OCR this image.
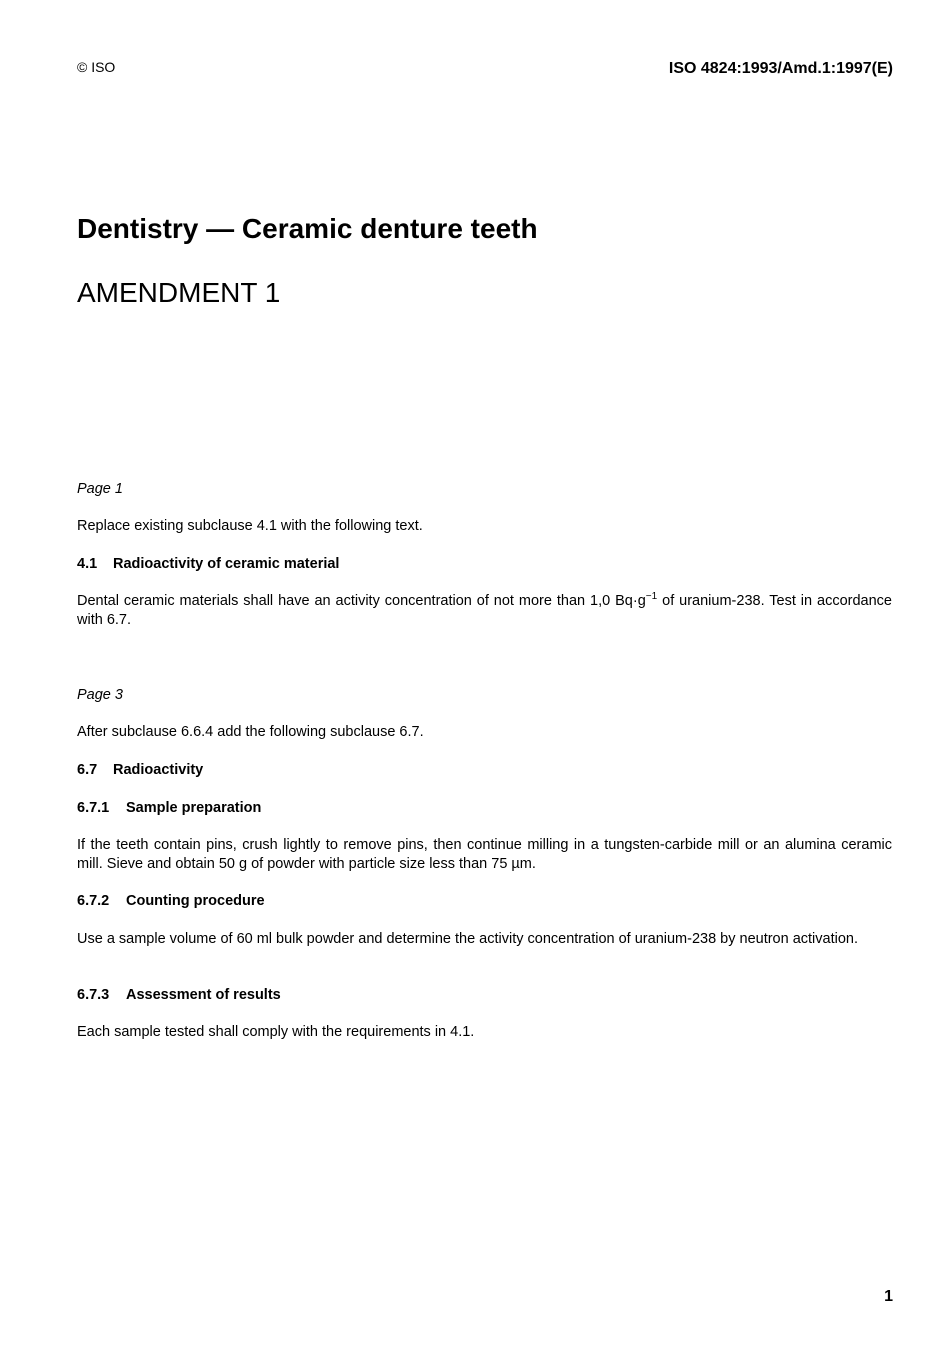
© ISO	ISO 4824:1993/Amd.1:1997(E)
Dentistry — Ceramic denture teeth
AMENDMENT 1

Page 1

Replace existing subclause 4.1 with the following text.

4.1 Radioactivity of ceramic material

Dental ceramic materials shall have an activity concentration of not more than 1,0 $Bq\cdot g^{-1}$ of uranium-238. Test in accordance with 6.7.

Page 3

After subclause 6.6.4 add the following subclause 6.7.

6.7 Radioactivity

6.7.1 Sample preparation

If the teeth contain pins, crush lightly to remove pins, then continue milling in a tungsten-carbide mill or an alumina ceramic mill. Sieve and obtain 50 g of powder with particle size less than 75 µm.

6.7.2 Counting procedure

Use a sample volume of 60 ml bulk powder and determine the activity concentration of uranium-238 by neutron activation.

6.7.3 Assessment of results

Each sample tested shall comply with the requirements in 4.1.

1
